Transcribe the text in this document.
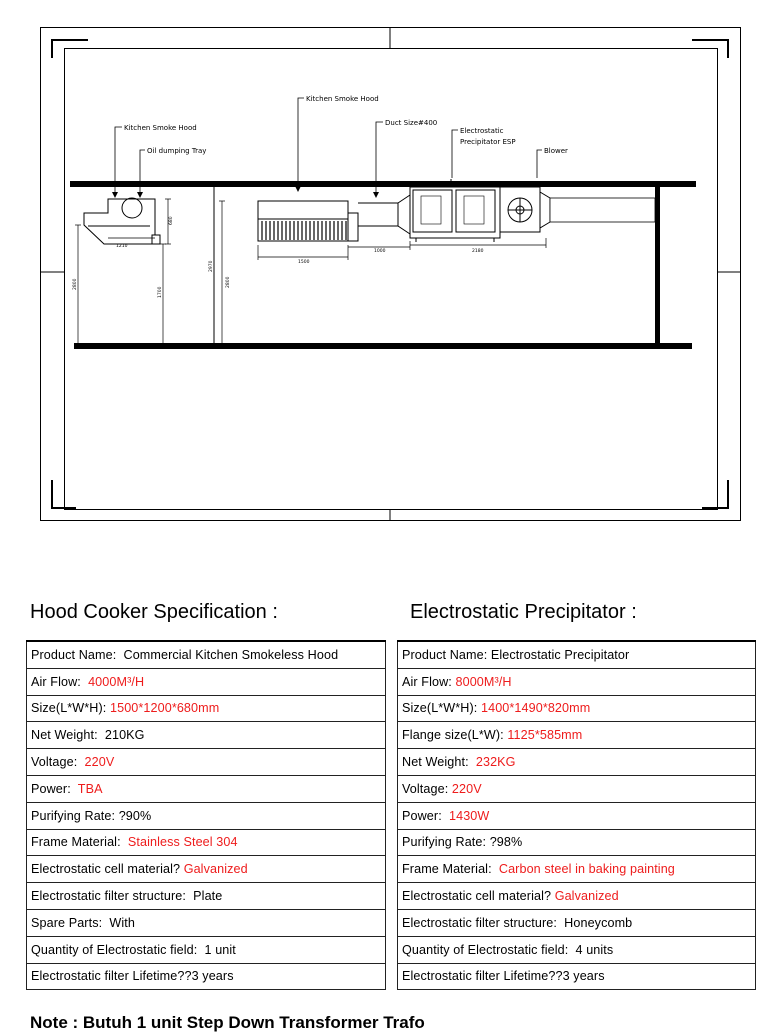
Kitchen Smoke Hood
Oil dumping Tray
Kitchen Smoke Hood
Duct Size#400
Electrostatic
Precipitator ESP
Blower
1210
680
2800
1700
2970
2800
1500
1000	2180
Hood Cooker Specification :	Electrostatic Precipitator :
Product Name:  Commercial Kitchen Smokeless Hood
Air Flow:  4000M³/H
Size(L*W*H): 1500*1200*680mm
Net Weight:  210KG
Voltage:  220V
Power:  TBA
Purifying Rate: ?90%
Frame Material:  Stainless Steel 304
Electrostatic cell material? Galvanized
Electrostatic filter structure:  Plate
Spare Parts:  With
Quantity of Electrostatic field:  1 unit
Electrostatic filter Lifetime??3 years
Product Name: Electrostatic Precipitator
Air Flow: 8000M³/H
Size(L*W*H): 1400*1490*820mm
Flange size(L*W): 1125*585mm
Net Weight:  232KG
Voltage: 220V
Power:  1430W
Purifying Rate: ?98%
Frame Material:  Carbon steel in baking painting
Electrostatic cell material? Galvanized
Electrostatic filter structure:  Honeycomb
Quantity of Electrostatic field:  4 units
Electrostatic filter Lifetime??3 years

Note : Butuh 1 unit Step Down Transformer Trafo
